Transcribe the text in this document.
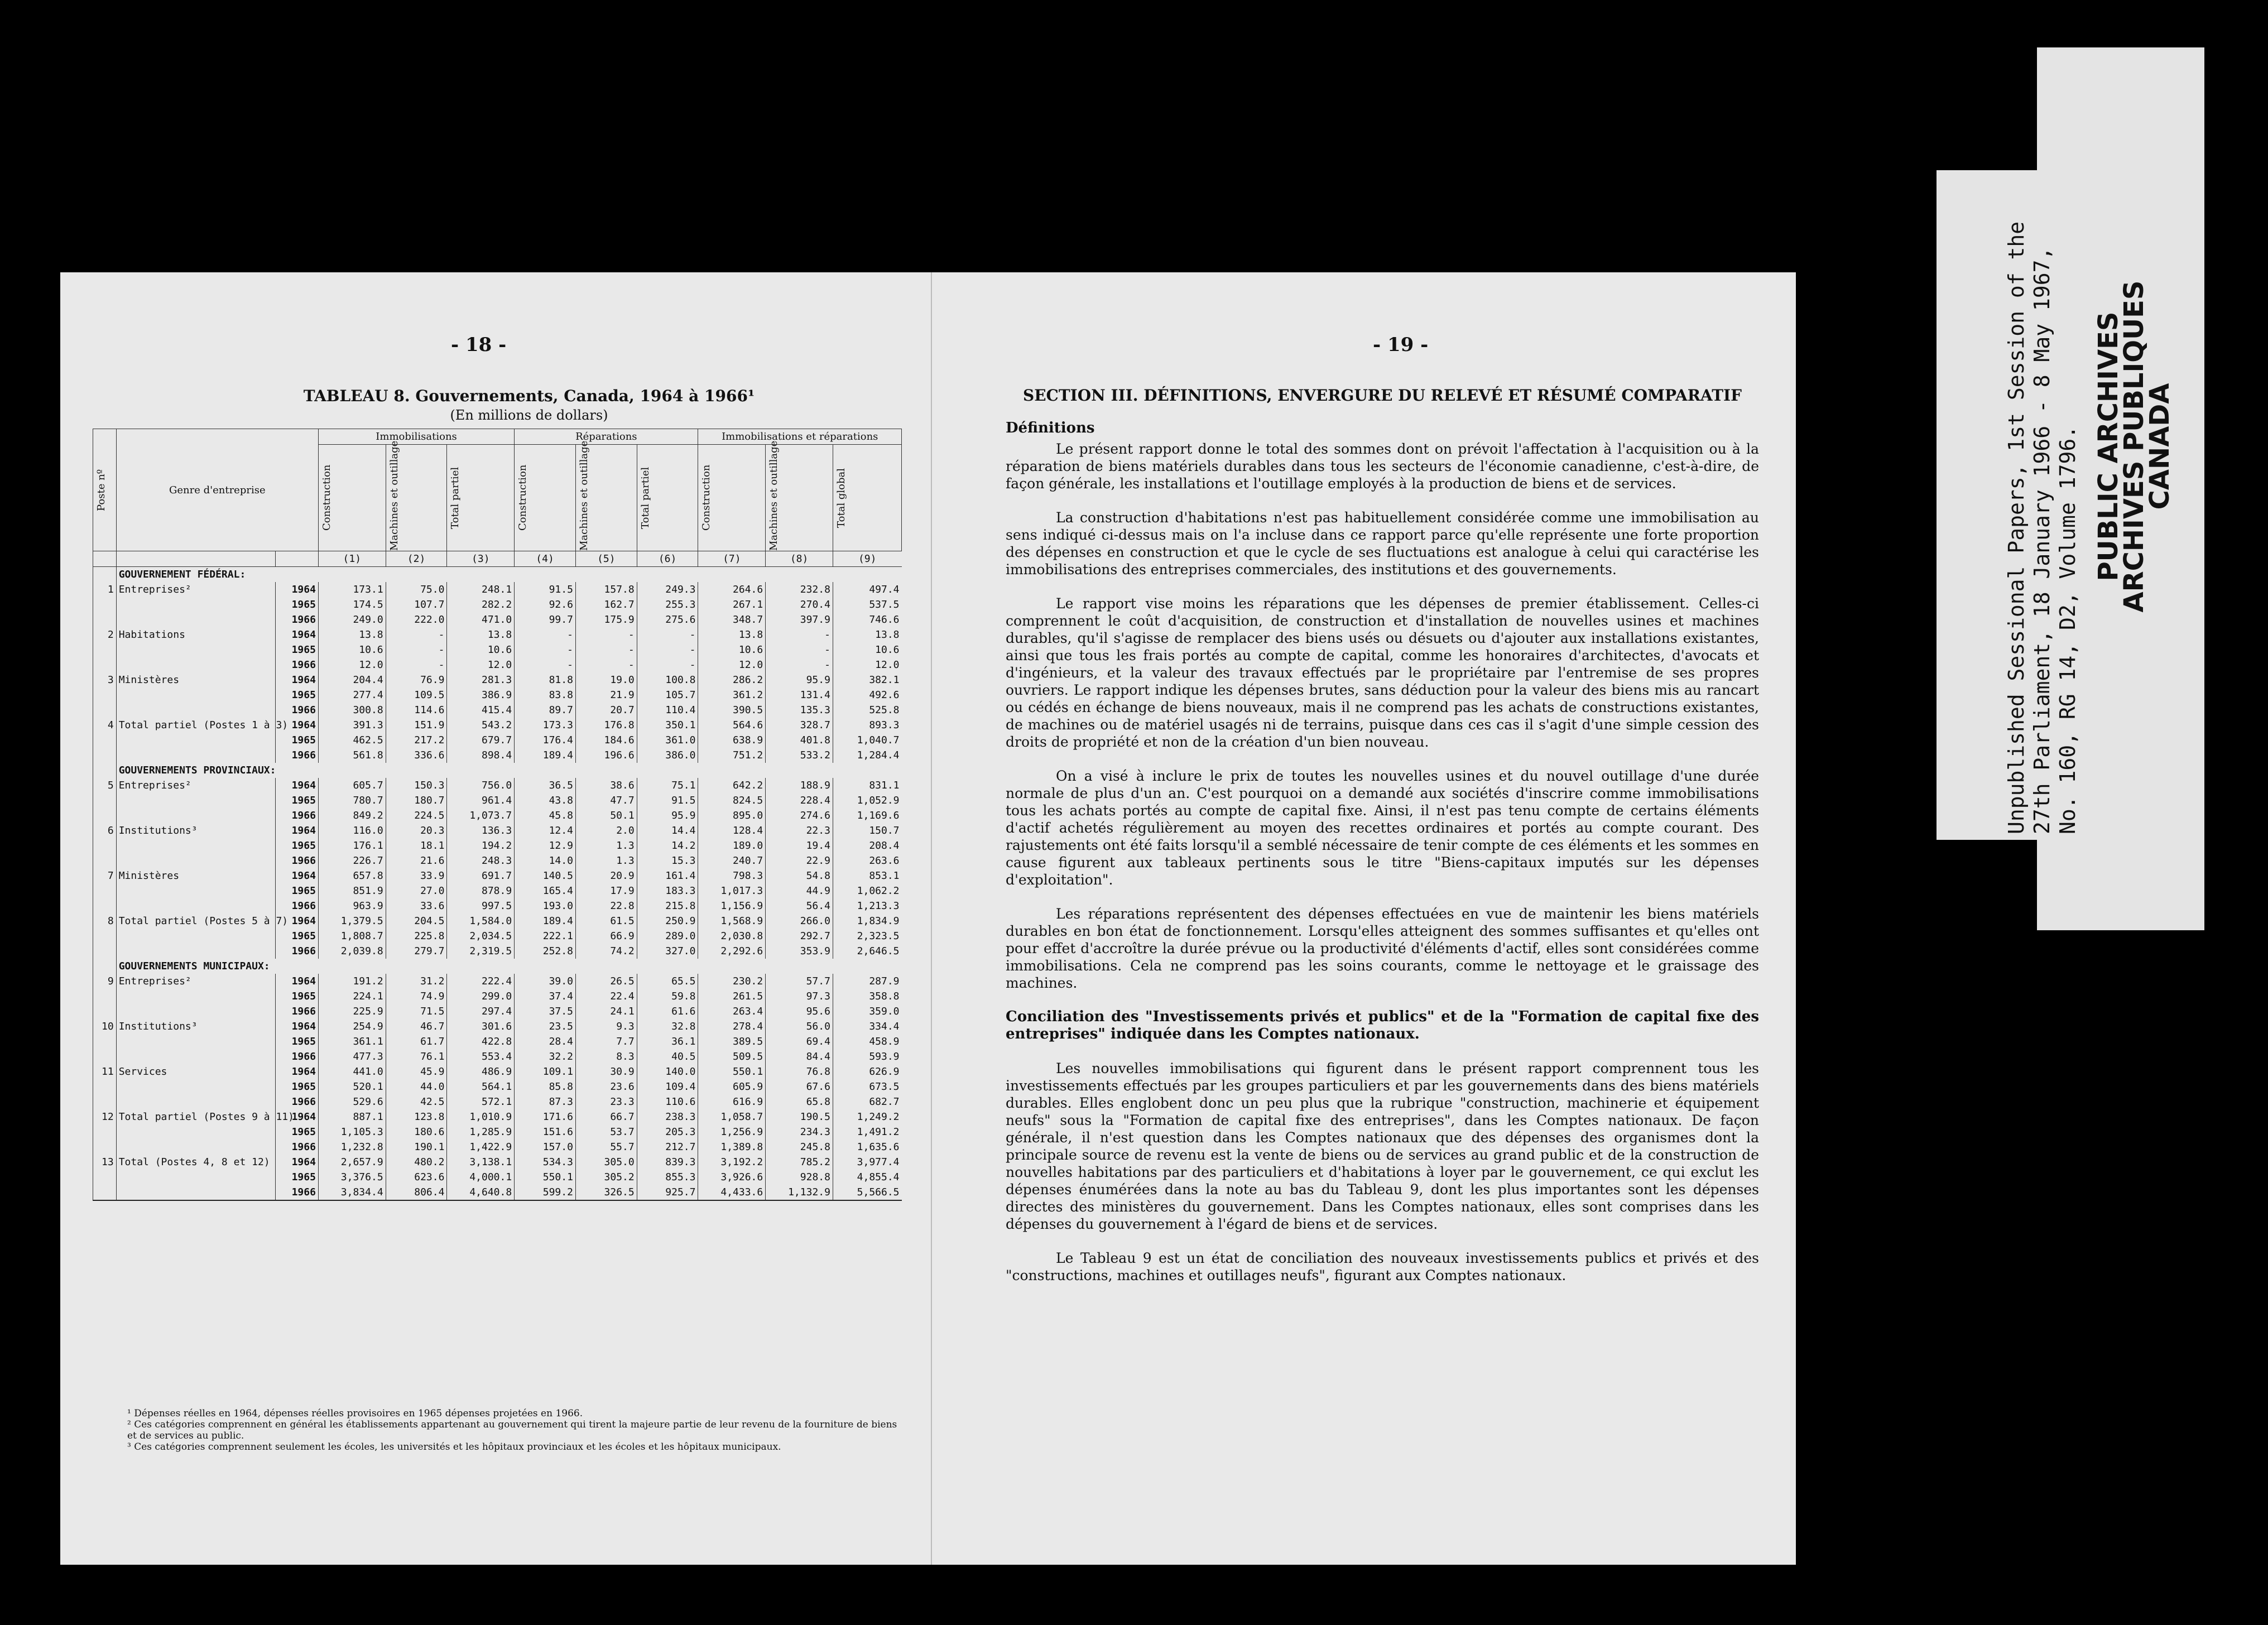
- 18 -
TABLEAU 8. Gouvernements, Canada, 1964 à 1966¹
(En millions de dollars)
Poste nº	Genre d'entreprise		Immobilisations			Réparations			Immobilisations et réparations		

			Construction	Machines et outillage	Total partiel	Construction	Machines et outillage	Total partiel	Construction	Machines et outillage	Total global

			(1)	(2)	(3)	(4)	(5)	(6)	(7)	(8)	(9)
	GOUVERNEMENT FÉDÉRAL:										
1	Entreprises²	1964	173.1	75.0	248.1	91.5	157.8	249.3	264.6	232.8	497.4
		1965	174.5	107.7	282.2	92.6	162.7	255.3	267.1	270.4	537.5
		1966	249.0	222.0	471.0	99.7	175.9	275.6	348.7	397.9	746.6
2	Habitations	1964	13.8	-	13.8	-	-	-	13.8	-	13.8
		1965	10.6	-	10.6	-	-	-	10.6	-	10.6
		1966	12.0	-	12.0	-	-	-	12.0	-	12.0
3	Ministères	1964	204.4	76.9	281.3	81.8	19.0	100.8	286.2	95.9	382.1
		1965	277.4	109.5	386.9	83.8	21.9	105.7	361.2	131.4	492.6
		1966	300.8	114.6	415.4	89.7	20.7	110.4	390.5	135.3	525.8
4	Total partiel (Postes 1 à 3)	1964	391.3	151.9	543.2	173.3	176.8	350.1	564.6	328.7	893.3
		1965	462.5	217.2	679.7	176.4	184.6	361.0	638.9	401.8	1,040.7
		1966	561.8	336.6	898.4	189.4	196.6	386.0	751.2	533.2	1,284.4
	GOUVERNEMENTS PROVINCIAUX:										
5	Entreprises²	1964	605.7	150.3	756.0	36.5	38.6	75.1	642.2	188.9	831.1
		1965	780.7	180.7	961.4	43.8	47.7	91.5	824.5	228.4	1,052.9
		1966	849.2	224.5	1,073.7	45.8	50.1	95.9	895.0	274.6	1,169.6
6	Institutions³	1964	116.0	20.3	136.3	12.4	2.0	14.4	128.4	22.3	150.7
		1965	176.1	18.1	194.2	12.9	1.3	14.2	189.0	19.4	208.4
		1966	226.7	21.6	248.3	14.0	1.3	15.3	240.7	22.9	263.6
7	Ministères	1964	657.8	33.9	691.7	140.5	20.9	161.4	798.3	54.8	853.1
		1965	851.9	27.0	878.9	165.4	17.9	183.3	1,017.3	44.9	1,062.2
		1966	963.9	33.6	997.5	193.0	22.8	215.8	1,156.9	56.4	1,213.3
8	Total partiel (Postes 5 à 7)	1964	1,379.5	204.5	1,584.0	189.4	61.5	250.9	1,568.9	266.0	1,834.9
		1965	1,808.7	225.8	2,034.5	222.1	66.9	289.0	2,030.8	292.7	2,323.5
		1966	2,039.8	279.7	2,319.5	252.8	74.2	327.0	2,292.6	353.9	2,646.5
	GOUVERNEMENTS MUNICIPAUX:										
9	Entreprises²	1964	191.2	31.2	222.4	39.0	26.5	65.5	230.2	57.7	287.9
		1965	224.1	74.9	299.0	37.4	22.4	59.8	261.5	97.3	358.8
		1966	225.9	71.5	297.4	37.5	24.1	61.6	263.4	95.6	359.0
10	Institutions³	1964	254.9	46.7	301.6	23.5	9.3	32.8	278.4	56.0	334.4
		1965	361.1	61.7	422.8	28.4	7.7	36.1	389.5	69.4	458.9
		1966	477.3	76.1	553.4	32.2	8.3	40.5	509.5	84.4	593.9
11	Services	1964	441.0	45.9	486.9	109.1	30.9	140.0	550.1	76.8	626.9
		1965	520.1	44.0	564.1	85.8	23.6	109.4	605.9	67.6	673.5
		1966	529.6	42.5	572.1	87.3	23.3	110.6	616.9	65.8	682.7
12	Total partiel (Postes 9 à 11)	1964	887.1	123.8	1,010.9	171.6	66.7	238.3	1,058.7	190.5	1,249.2
		1965	1,105.3	180.6	1,285.9	151.6	53.7	205.3	1,256.9	234.3	1,491.2
		1966	1,232.8	190.1	1,422.9	157.0	55.7	212.7	1,389.8	245.8	1,635.6
13	Total (Postes 4, 8 et 12)	1964	2,657.9	480.2	3,138.1	534.3	305.0	839.3	3,192.2	785.2	3,977.4
		1965	3,376.5	623.6	4,000.1	550.1	305.2	855.3	3,926.6	928.8	4,855.4
		1966	3,834.4	806.4	4,640.8	599.2	326.5	925.7	4,433.6	1,132.9	5,566.5
¹ Dépenses réelles en 1964, dépenses réelles provisoires en 1965 dépenses projetées en 1966.
² Ces catégories comprennent en général les établissements appartenant au gouvernement qui tirent la majeure partie de leur revenu de la fourniture de biens et de services au public.
³ Ces catégories comprennent seulement les écoles, les universités et les hôpitaux provinciaux et les écoles et les hôpitaux municipaux.
- 19 -
SECTION III. DÉFINITIONS, ENVERGURE DU RELEVÉ ET RÉSUMÉ COMPARATIF
Définitions

Le présent rapport donne le total des sommes dont on prévoit l'affectation à l'acquisition ou à la réparation de biens matériels durables dans tous les secteurs de l'économie canadienne, c'est-à-dire, de façon générale, les installations et l'outillage employés à la production de biens et de services.

La construction d'habitations n'est pas habituellement considérée comme une immobilisation au sens indiqué ci-dessus mais on l'a incluse dans ce rapport parce qu'elle représente une forte proportion des dépenses en construction et que le cycle de ses fluctuations est analogue à celui qui caractérise les immobilisations des entreprises commerciales, des institutions et des gouvernements.

Le rapport vise moins les réparations que les dépenses de premier établissement. Celles-ci comprennent le coût d'acquisition, de construction et d'installation de nouvelles usines et machines durables, qu'il s'agisse de remplacer des biens usés ou désuets ou d'ajouter aux installations existantes, ainsi que tous les frais portés au compte de capital, comme les honoraires d'architectes, d'avocats et d'ingénieurs, et la valeur des travaux effectués par le propriétaire par l'entremise de ses propres ouvriers. Le rapport indique les dépenses brutes, sans déduction pour la valeur des biens mis au rancart ou cédés en échange de biens nouveaux, mais il ne comprend pas les achats de constructions existantes, de machines ou de matériel usagés ni de terrains, puisque dans ces cas il s'agit d'une simple cession des droits de propriété et non de la création d'un bien nouveau.

On a visé à inclure le prix de toutes les nouvelles usines et du nouvel outillage d'une durée normale de plus d'un an. C'est pourquoi on a demandé aux sociétés d'inscrire comme immobilisations tous les achats portés au compte de capital fixe. Ainsi, il n'est pas tenu compte de certains éléments d'actif achetés régulièrement au moyen des recettes ordinaires et portés au compte courant. Des rajustements ont été faits lorsqu'il a semblé nécessaire de tenir compte de ces éléments et les sommes en cause figurent aux tableaux pertinents sous le titre "Biens-capitaux imputés sur les dépenses d'exploitation".

Les réparations représentent des dépenses effectuées en vue de maintenir les biens matériels durables en bon état de fonctionnement. Lorsqu'elles atteignent des sommes suffisantes et qu'elles ont pour effet d'accroître la durée prévue ou la productivité d'éléments d'actif, elles sont considérées comme immobilisations. Cela ne comprend pas les soins courants, comme le nettoyage et le graissage des machines.

Conciliation des "Investissements privés et publics" et de la "Formation de capital fixe des entreprises" indiquée dans les Comptes nationaux.

Les nouvelles immobilisations qui figurent dans le présent rapport comprennent tous les investissements effectués par les groupes particuliers et par les gouvernements dans des biens matériels durables. Elles englobent donc un peu plus que la rubrique "construction, machinerie et équipement neufs" sous la "Formation de capital fixe des entreprises", dans les Comptes nationaux. De façon générale, il n'est question dans les Comptes nationaux que des dépenses des organismes dont la principale source de revenu est la vente de biens ou de services au grand public et de la construction de nouvelles habitations par des particuliers et d'habitations à loyer par le gouvernement, ce qui exclut les dépenses énumérées dans la note au bas du Tableau 9, dont les plus importantes sont les dépenses directes des ministères du gouvernement. Dans les Comptes nationaux, elles sont comprises dans les dépenses du gouvernement à l'égard de biens et de services.

Le Tableau 9 est un état de conciliation des nouveaux investissements publics et privés et des "constructions, machines et outillages neufs", figurant aux Comptes nationaux.

Unpublished Sessional Papers, 1st Session of the 27th Parliament, 18 January 1966 - 8 May 1967, No. 160, RG 14, D2, Volume 1796. PUBLIC ARCHIVES
ARCHIVES PUBLIQUES
CANADA
